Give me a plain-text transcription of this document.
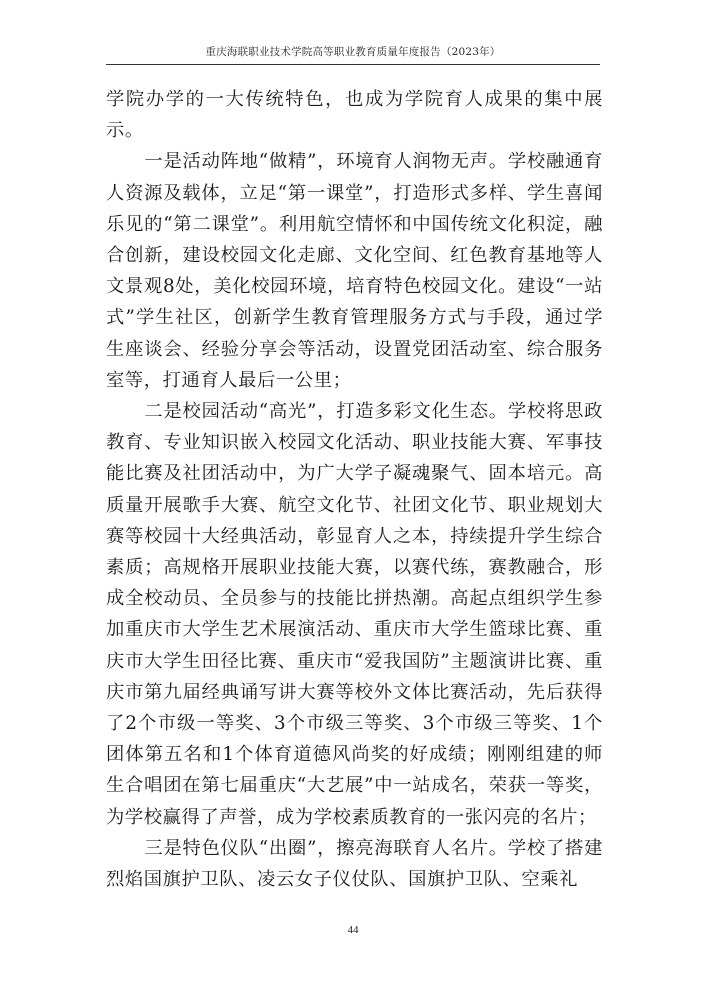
重庆海联职业技术学院高等职业教育质量年度报告（2023年）

学院办学的一大传统特色，也成为学院育人成果的集中展示。

一是活动阵地“做精”，环境育人润物无声。学校融通育人资源及载体，立足“第一课堂”，打造形式多样、学生喜闻乐见的“第二课堂”。利用航空情怀和中国传统文化积淀，融合创新，建设校园文化走廊、文化空间、红色教育基地等人文景观8处，美化校园环境，培育特色校园文化。建设“一站式”学生社区，创新学生教育管理服务方式与手段，通过学生座谈会、经验分享会等活动，设置党团活动室、综合服务室等，打通育人最后一公里；

二是校园活动“高光”，打造多彩文化生态。学校将思政教育、专业知识嵌入校园文化活动、职业技能大赛、军事技能比赛及社团活动中，为广大学子凝魂聚气、固本培元。高质量开展歌手大赛、航空文化节、社团文化节、职业规划大赛等校园十大经典活动，彰显育人之本，持续提升学生综合素质；高规格开展职业技能大赛，以赛代练，赛教融合，形成全校动员、全员参与的技能比拼热潮。高起点组织学生参加重庆市大学生艺术展演活动、重庆市大学生篮球比赛、重庆市大学生田径比赛、重庆市“爱我国防”主题演讲比赛、重庆市第九届经典诵写讲大赛等校外文体比赛活动，先后获得了2个市级一等奖、3个市级三等奖、3个市级三等奖、1个团体第五名和1个体育道德风尚奖的好成绩；刚刚组建的师生合唱团在第七届重庆“大艺展”中一站成名，荣获一等奖，为学校赢得了声誉，成为学校素质教育的一张闪亮的名片；

三是特色仪队“出圈”，擦亮海联育人名片。学校了搭建烈焰国旗护卫队、凌云女子仪仗队、国旗护卫队、空乘礼

44
